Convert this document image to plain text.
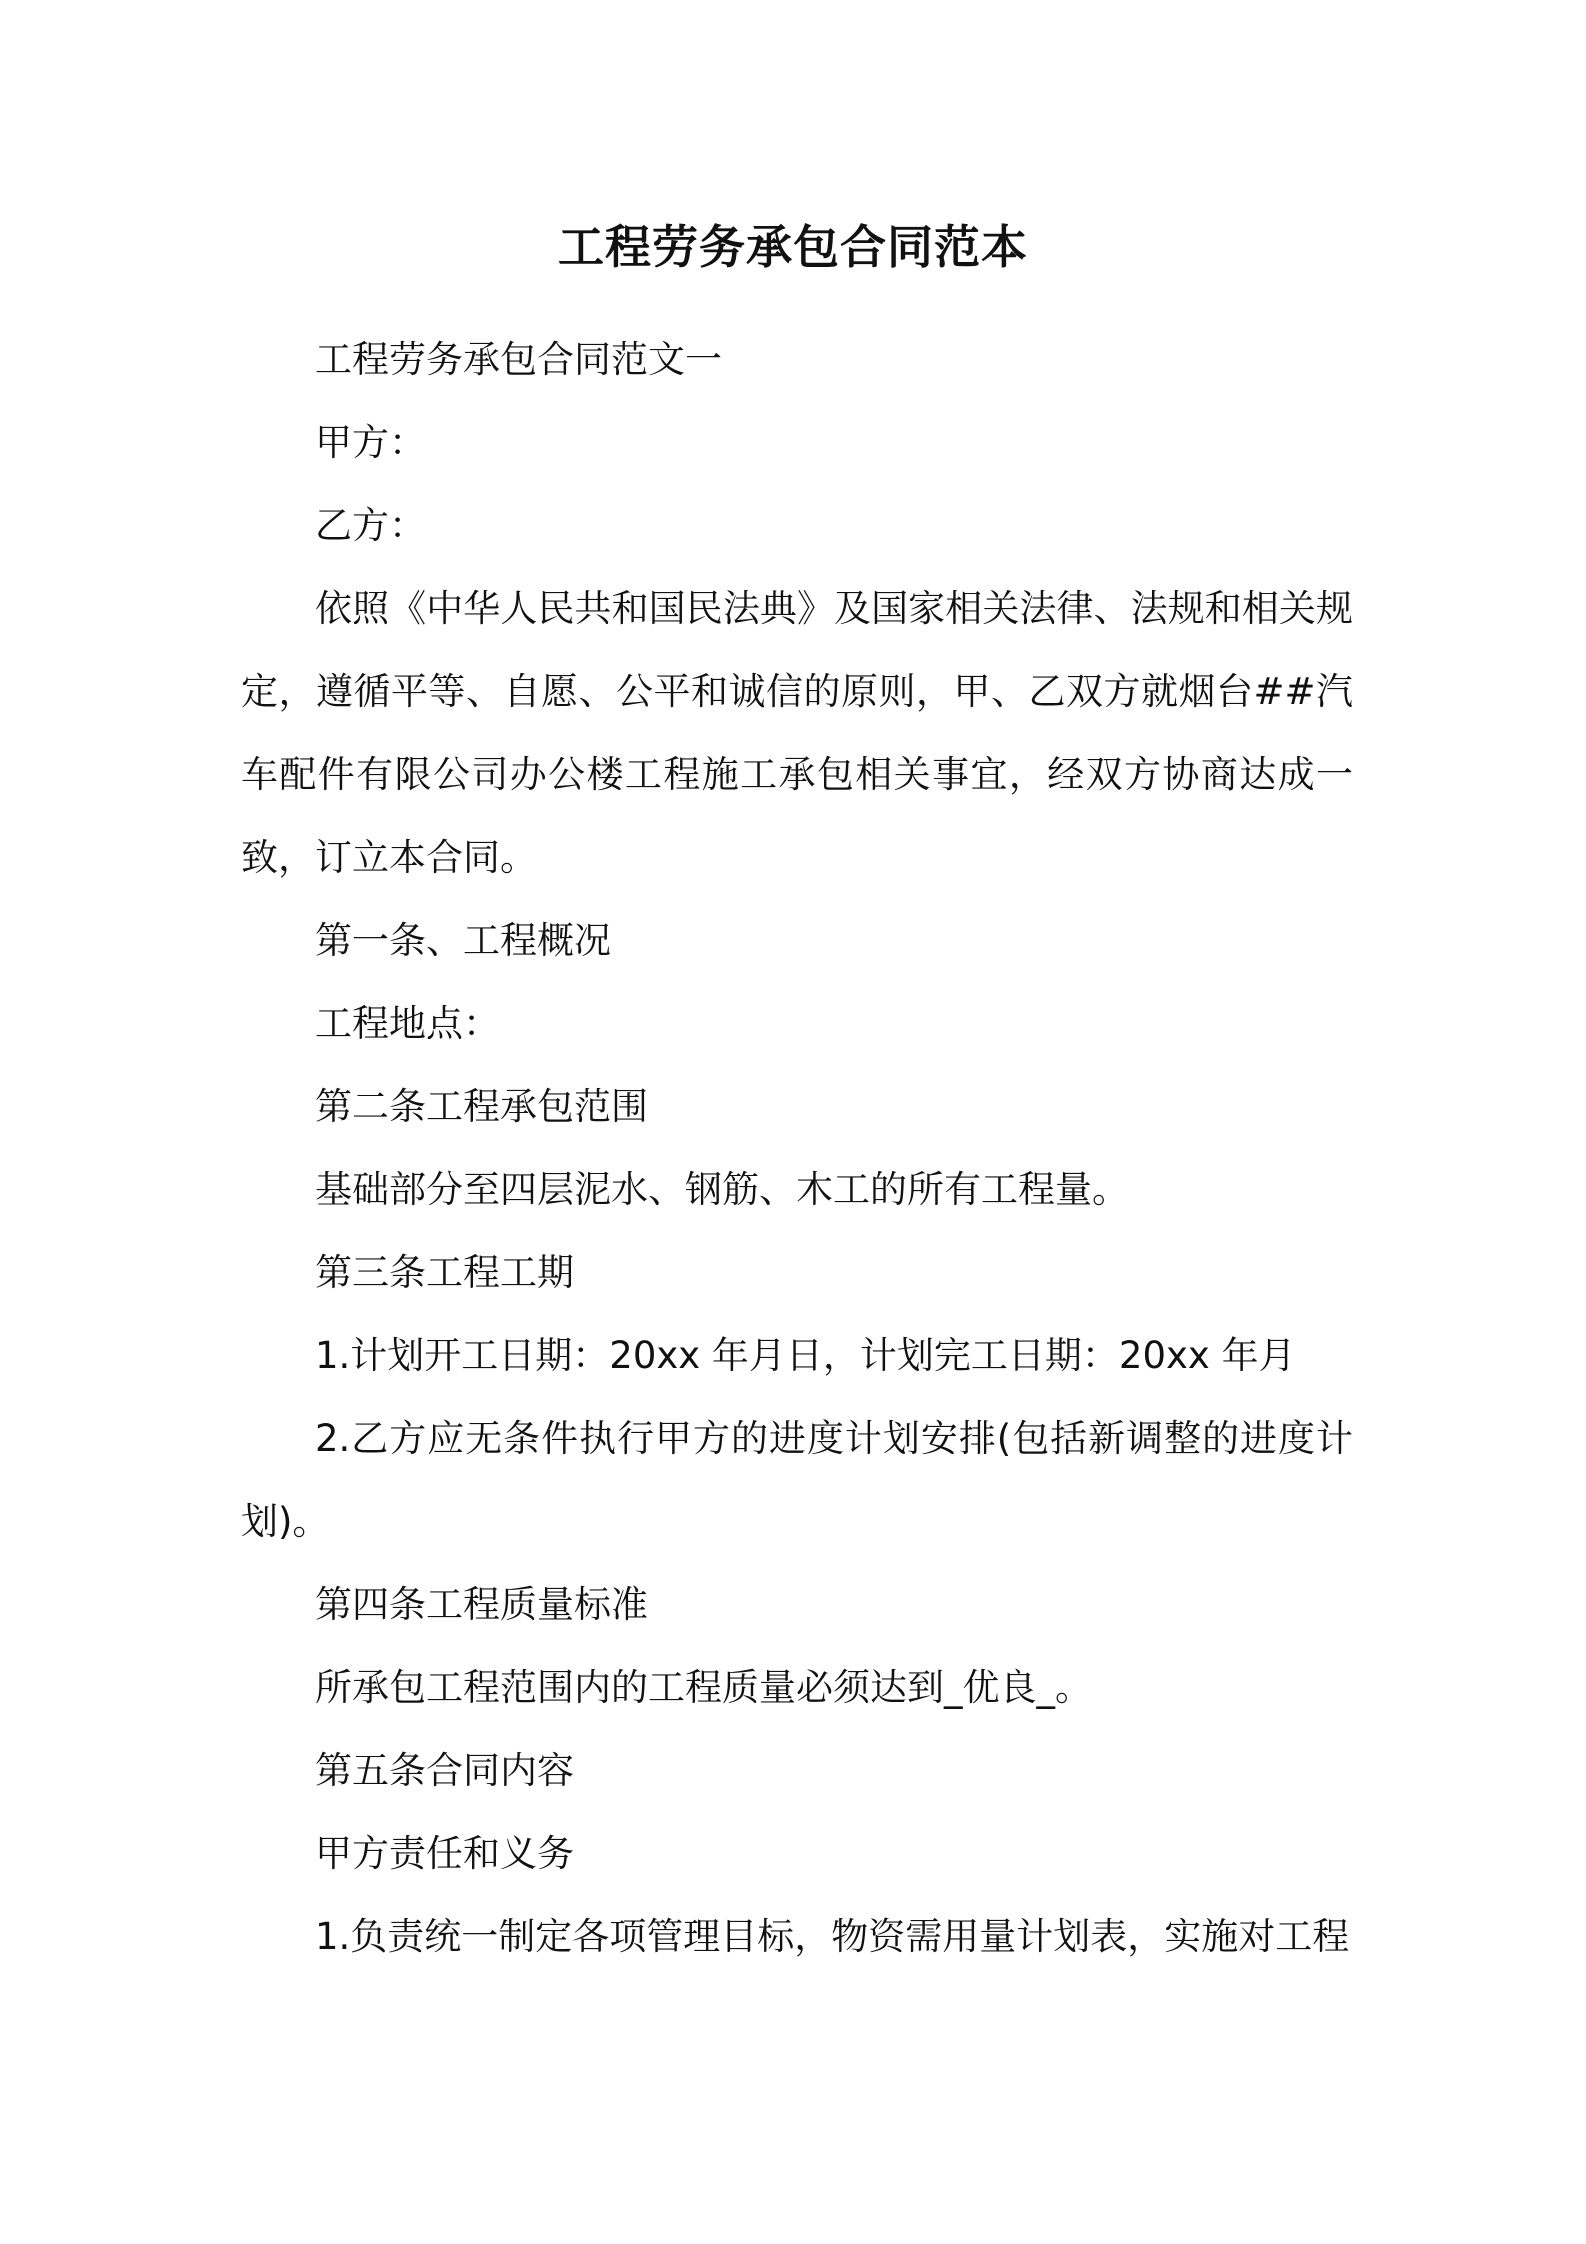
工程劳务承包合同范本

工程劳务承包合同范文一

甲方：

乙方：

依照《中华人民共和国民法典》及国家相关法律、法规和相关规定，遵循平等、自愿、公平和诚信的原则，甲、乙双方就烟台##汽车配件有限公司办公楼工程施工承包相关事宜，经双方协商达成一致，订立本合同。

第一条、工程概况

工程地点：

第二条工程承包范围

基础部分至四层泥水、钢筋、木工的所有工程量。

第三条工程工期

1.计划开工日期：20xx 年月日，计划完工日期：20xx 年月

2.乙方应无条件执行甲方的进度计划安排(包括新调整的进度计划)。

第四条工程质量标准

所承包工程范围内的工程质量必须达到_优良_。

第五条合同内容

甲方责任和义务

1.负责统一制定各项管理目标，物资需用量计划表，实施对工程
